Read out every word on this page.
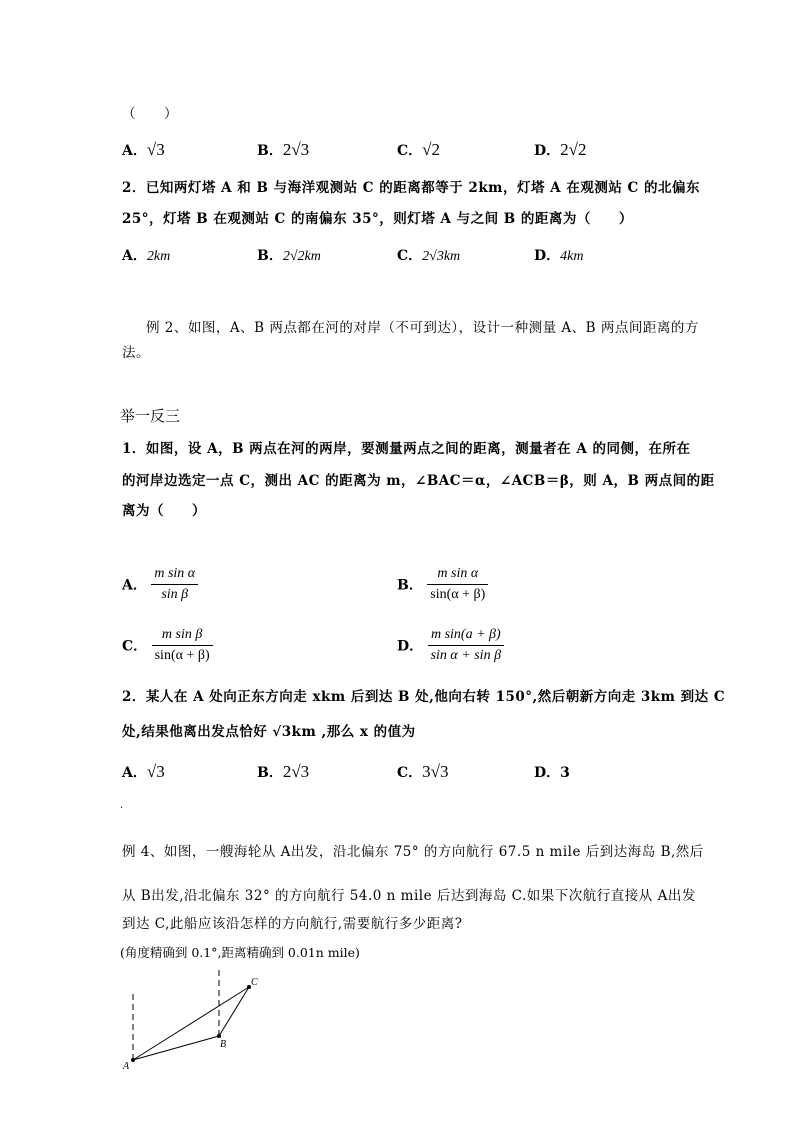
（　　）
A．√3	B．2√3	C．√2	D．2√2
2．已知两灯塔 A 和 B 与海洋观测站 C 的距离都等于 2km，灯塔 A 在观测站 C 的北偏东
25°，灯塔 B 在观测站 C 的南偏东 35°，则灯塔 A 与之间 B 的距离为（　　）
A．2km	B．2√2km	C．2√3km	D．4km
例 2、如图，A、B 两点都在河的对岸（不可到达），设计一种测量 A、B 两点间距离的方
法。
举一反三
1．如图，设 A，B 两点在河的两岸，要测量两点之间的距离，测量者在 A 的同侧，在所在
的河岸边选定一点 C，测出 AC 的距离为 m，∠BAC＝α，∠ACB＝β，则 A，B 两点间的距
离为（　　）
A． $\frac{\text{m sin α}}{\text{sin β}}$	B． $\frac{\text{m sin α}}{\sin(\alpha + \beta)}$
C． $\frac{\text{m sin β}}{\sin(\alpha + \beta)}$	D． $\frac{\text{m sin(a + β)}}{\text{sin α + sin β}}$
2．某人在 A 处向正东方向走 xkm 后到达 B 处,他向右转 150°,然后朝新方向走 3km 到达 C
处,结果他离出发点恰好 √3km ,那么 x 的值为
A．√3	B．2√3	C．3√3	D．3
.
例 4、如图，一艘海轮从 A出发，沿北偏东 75° 的方向航行 67.5 n mile 后到达海岛 B,然后
从 B出发,沿北偏东 32° 的方向航行 54.0 n mile 后达到海岛 C.如果下次航行直接从 A出发
到达 C,此船应该沿怎样的方向航行,需要航行多少距离?
(角度精确到 0.1°,距离精确到 0.01n mile)
A
B
C
